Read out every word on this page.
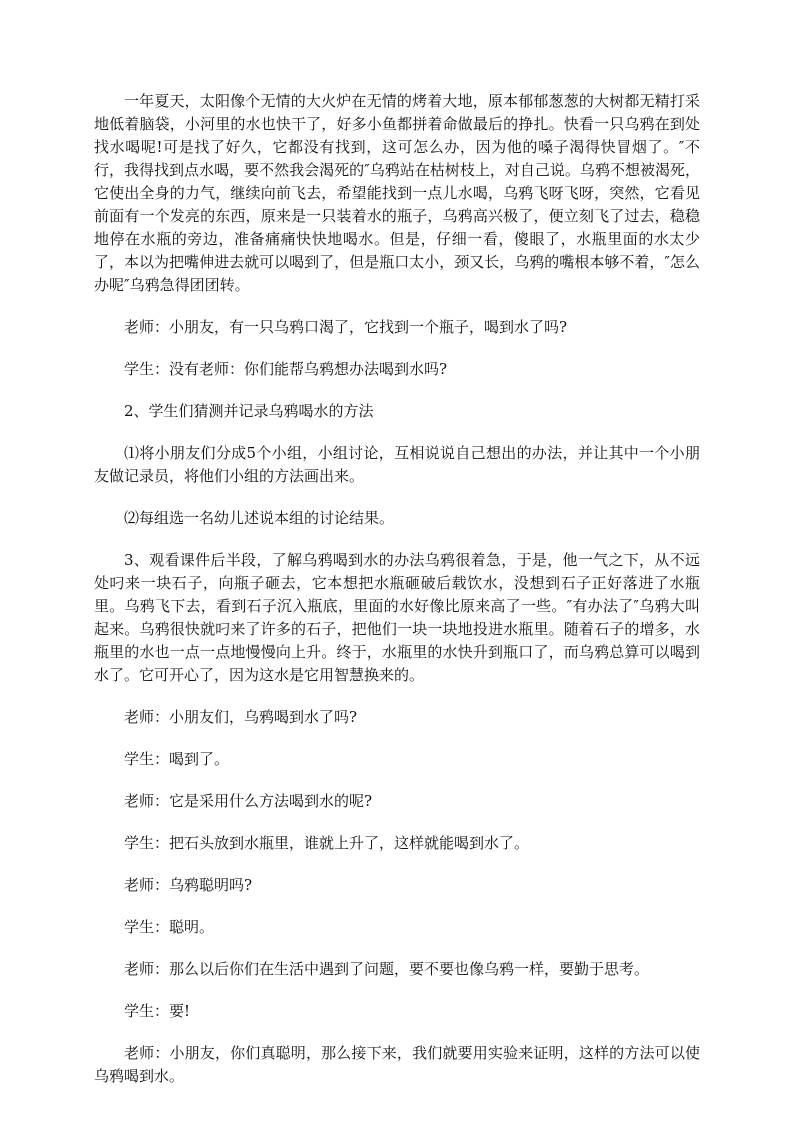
一年夏天，太阳像个无情的大火炉在无情的烤着大地，原本郁郁葱葱的大树都无精打采地低着脑袋，小河里的水也快干了，好多小鱼都拼着命做最后的挣扎。快看一只乌鸦在到处找水喝呢!可是找了好久，它都没有找到，这可怎么办，因为他的嗓子渴得快冒烟了。″不行，我得找到点水喝，要不然我会渴死的″乌鸦站在枯树枝上，对自己说。乌鸦不想被渴死，它使出全身的力气，继续向前飞去，希望能找到一点儿水喝，乌鸦飞呀飞呀，突然，它看见前面有一个发亮的东西，原来是一只装着水的瓶子，乌鸦高兴极了，便立刻飞了过去，稳稳地停在水瓶的旁边，准备痛痛快快地喝水。但是，仔细一看，傻眼了，水瓶里面的水太少了，本以为把嘴伸进去就可以喝到了，但是瓶口太小，颈又长，乌鸦的嘴根本够不着，″怎么办呢″乌鸦急得团团转。

老师：小朋友，有一只乌鸦口渴了，它找到一个瓶子，喝到水了吗?

学生：没有老师：你们能帮乌鸦想办法喝到水吗?

2、学生们猜测并记录乌鸦喝水的方法

⑴将小朋友们分成5个小组，小组讨论，互相说说自己想出的办法，并让其中一个小朋友做记录员，将他们小组的方法画出来。

⑵每组选一名幼儿述说本组的讨论结果。

3、观看课件后半段，了解乌鸦喝到水的办法乌鸦很着急，于是，他一气之下，从不远处叼来一块石子，向瓶子砸去，它本想把水瓶砸破后载饮水，没想到石子正好落进了水瓶里。乌鸦飞下去，看到石子沉入瓶底，里面的水好像比原来高了一些。″有办法了″乌鸦大叫起来。乌鸦很快就叼来了许多的石子，把他们一块一块地投进水瓶里。随着石子的增多，水瓶里的水也一点一点地慢慢向上升。终于，水瓶里的水快升到瓶口了，而乌鸦总算可以喝到水了。它可开心了，因为这水是它用智慧换来的。

老师：小朋友们，乌鸦喝到水了吗?

学生：喝到了。

老师：它是采用什么方法喝到水的呢?

学生：把石头放到水瓶里，谁就上升了，这样就能喝到水了。

老师：乌鸦聪明吗?

学生：聪明。

老师：那么以后你们在生活中遇到了问题，要不要也像乌鸦一样，要勤于思考。

学生：要!

老师：小朋友，你们真聪明，那么接下来，我们就要用实验来证明，这样的方法可以使乌鸦喝到水。
